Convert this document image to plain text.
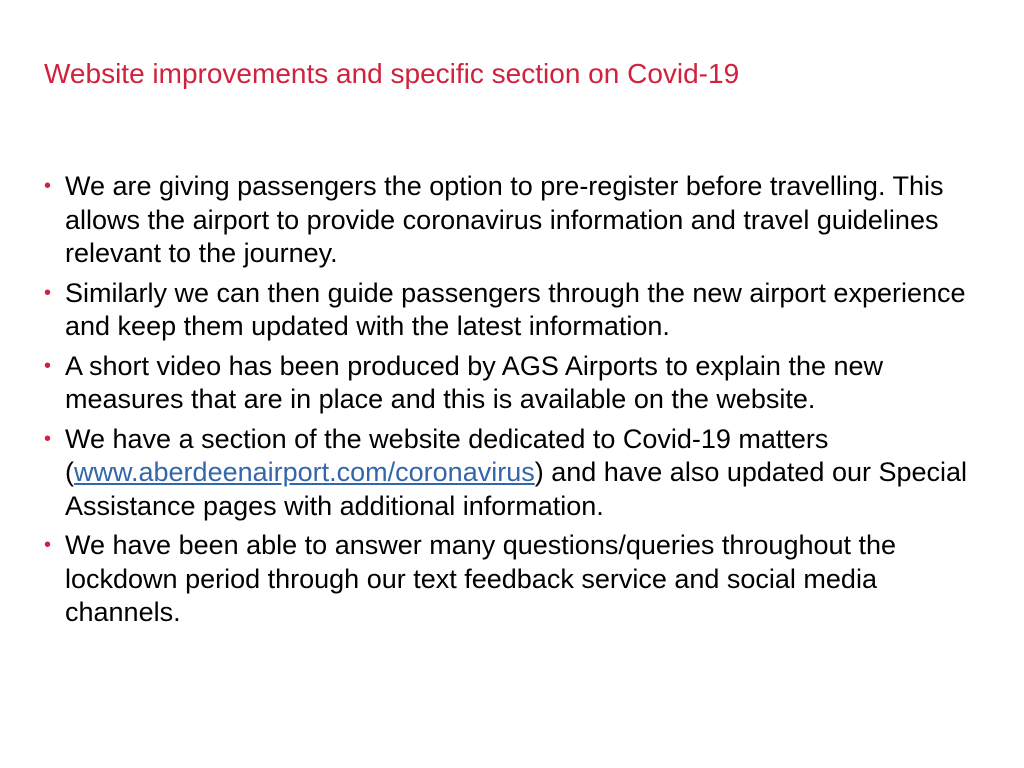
Website improvements and specific section on Covid-19
• We are giving passengers the option to pre-register before travelling. This allows the airport to provide coronavirus information and travel guidelines relevant to the journey.
• Similarly we can then guide passengers through the new airport experience and keep them updated with the latest information.
• A short video has been produced by AGS Airports to explain the new measures that are in place and this is available on the website.
• We have a section of the website dedicated to Covid-19 matters (www.aberdeenairport.com/coronavirus) and have also updated our Special Assistance pages with additional information.
• We have been able to answer many questions/queries throughout the lockdown period through our text feedback service and social media channels.
